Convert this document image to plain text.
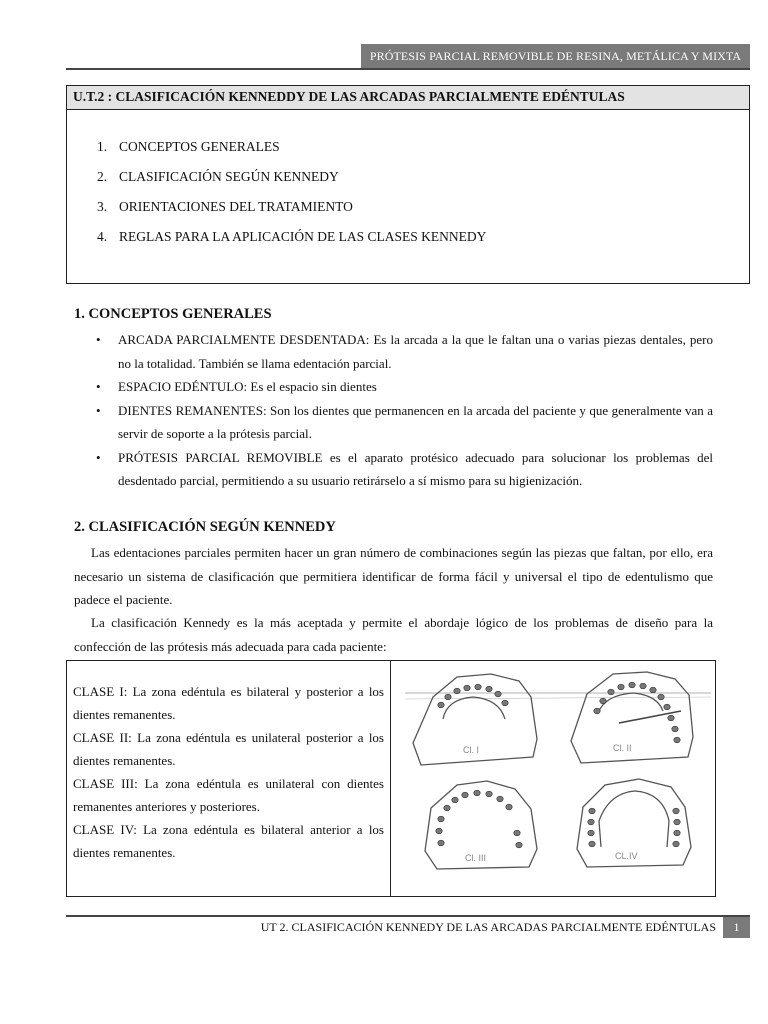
PRÓTESIS PARCIAL REMOVIBLE DE RESINA, METÁLICA Y MIXTA
U.T.2 : CLASIFICACIÓN KENNEDDY DE LAS ARCADAS PARCIALMENTE EDÉNTULAS
1. CONCEPTOS GENERALES
2. CLASIFICACIÓN SEGÚN KENNEDY
3. ORIENTACIONES DEL TRATAMIENTO
4. REGLAS PARA LA APLICACIÓN DE LAS CLASES KENNEDY
1. CONCEPTOS GENERALES
• ARCADA PARCIALMENTE DESDENTADA: Es la arcada a la que le faltan una o varias piezas dentales, pero no la totalidad. También se llama edentación parcial.
• ESPACIO EDÉNTULO: Es el espacio sin dientes
• DIENTES REMANENTES: Son los dientes que permanencen en la arcada del paciente y que generalmente van a servir de soporte a la prótesis parcial.
• PRÓTESIS PARCIAL REMOVIBLE es el aparato protésico adecuado para solucionar los problemas del desdentado parcial, permitiendo a su usuario retirárselo a sí mismo para su higienización.
2. CLASIFICACIÓN SEGÚN KENNEDY

Las edentaciones parciales permiten hacer un gran número de combinaciones según las piezas que faltan, por ello, era necesario un sistema de clasificación que permitiera identificar de forma fácil y universal el tipo de edentulismo que padece el paciente.

La clasificación Kennedy es la más aceptada y permite el abordaje lógico de los problemas de diseño para la confección de las prótesis más adecuada para cada paciente:

CLASE I: La zona edéntula es bilateral y posterior a los dientes remanentes.

CLASE II: La zona edéntula es unilateral posterior a los dientes remanentes.

CLASE III: La zona edéntula es unilateral con dientes remanentes anteriores y posteriores.

CLASE IV: La zona edéntula es bilateral anterior a los dientes remanentes.

Cl. I	Cl. II
Cl. III	CL.IV
UT 2. CLASIFICACIÓN KENNEDY DE LAS ARCADAS PARCIALMENTE EDÉNTULAS	1
